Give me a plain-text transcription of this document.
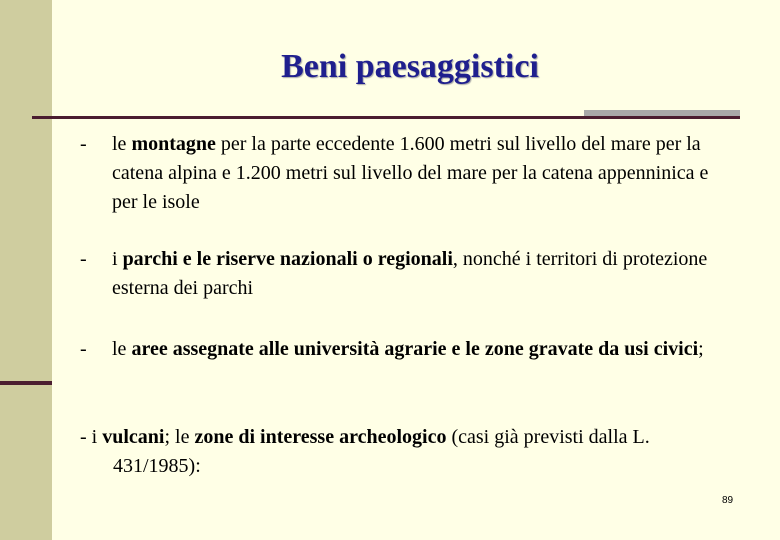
Beni paesaggistici
- le montagne per la parte eccedente 1.600 metri sul livello del mare per la catena alpina e 1.200 metri sul livello del mare per la catena appenninica e per le isole
- i parchi e le riserve nazionali o regionali, nonché i territori di protezione esterna dei parchi
- le aree assegnate alle università agrarie e le zone gravate da usi civici;
- i vulcani; le zone di interesse archeologico (casi già previsti dalla L. 431/1985):
89
